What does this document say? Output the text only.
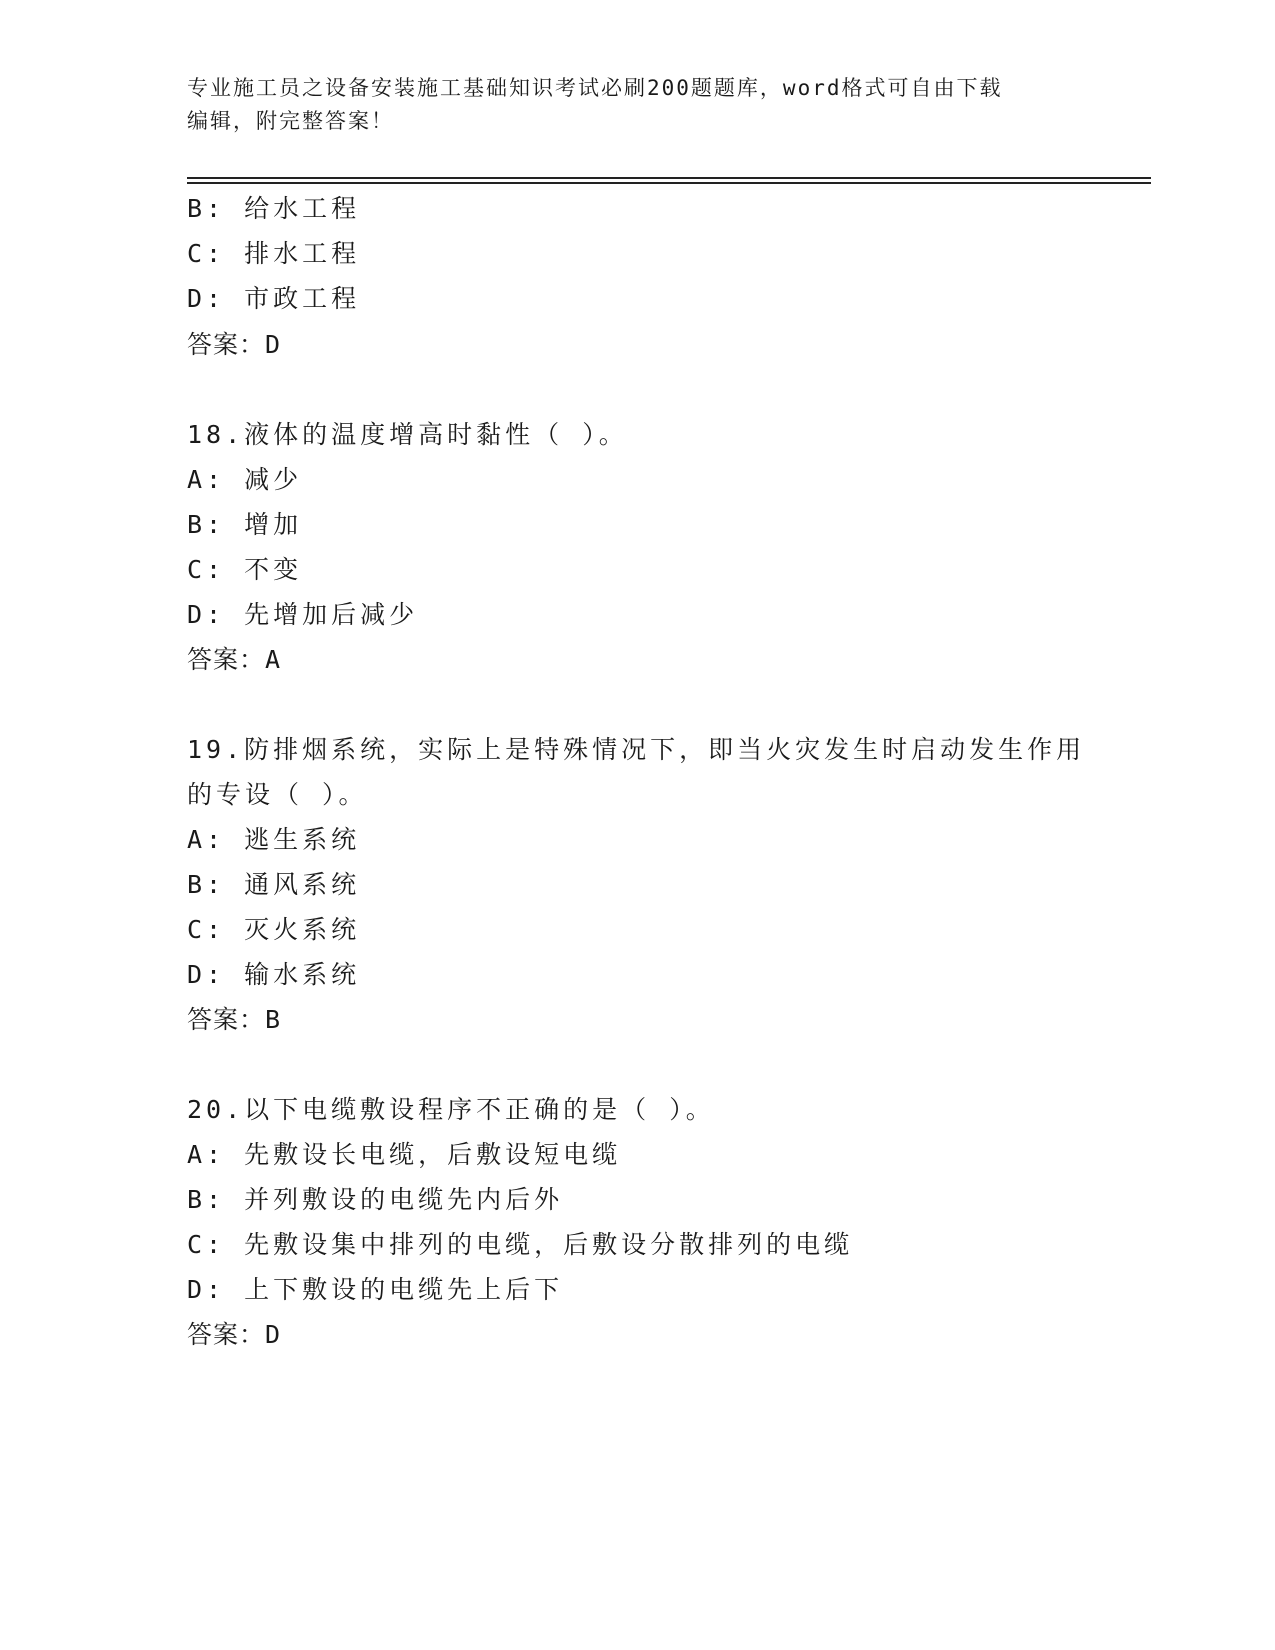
专业施工员之设备安装施工基础知识考试必刷200题题库，word格式可自由下载
编辑，附完整答案！
B: 给水工程
C: 排水工程
D: 市政工程
答案：D
18.液体的温度增高时黏性（ ）。
A: 减少
B: 增加
C: 不变
D: 先增加后减少
答案：A
19.防排烟系统，实际上是特殊情况下，即当火灾发生时启动发生作用
的专设（ ）。
A: 逃生系统
B: 通风系统
C: 灭火系统
D: 输水系统
答案：B
20.以下电缆敷设程序不正确的是（ ）。
A: 先敷设长电缆，后敷设短电缆
B: 并列敷设的电缆先内后外
C: 先敷设集中排列的电缆，后敷设分散排列的电缆
D: 上下敷设的电缆先上后下
答案：D
